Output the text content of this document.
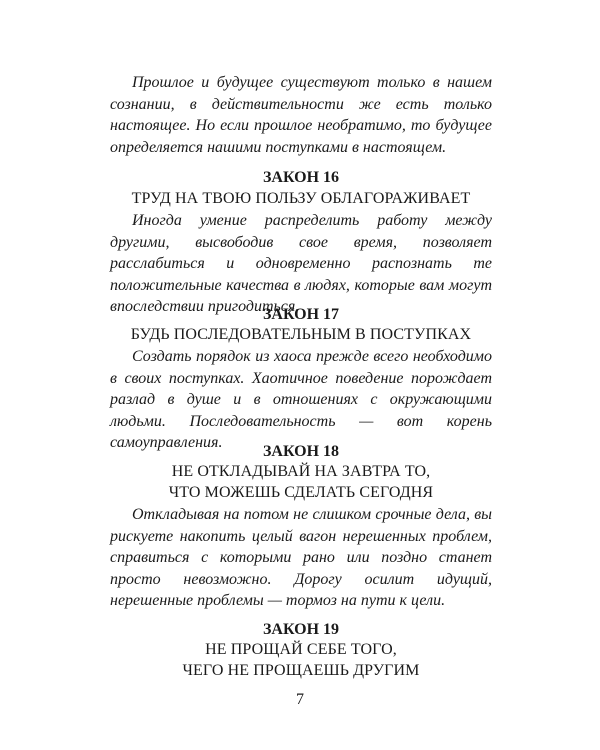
Прошлое и будущее существуют только в нашем сознании, в действительности же есть только настоящее. Но если прошлое необратимо, то будущее определяется нашими поступками в настоящем.

ЗАКОН 16

ТРУД НА ТВОЮ ПОЛЬЗУ ОБЛАГОРАЖИВАЕТ

Иногда умение распределить работу между другими, высвободив свое время, позволяет расслабиться и одновременно распознать те положительные качества в людях, которые вам могут впоследствии пригодиться.

ЗАКОН 17

БУДЬ ПОСЛЕДОВАТЕЛЬНЫМ В ПОСТУПКАХ

Создать порядок из хаоса прежде всего необходимо в своих поступках. Хаотичное поведение порождает разлад в душе и в отношениях с окружающими людьми. Последовательность — вот корень самоуправления.

ЗАКОН 18

НЕ ОТКЛАДЫВАЙ НА ЗАВТРА ТО,

ЧТО МОЖЕШЬ СДЕЛАТЬ СЕГОДНЯ

Откладывая на потом не слишком срочные дела, вы рискуете накопить целый вагон нерешенных проблем, справиться с которыми рано или поздно станет просто невозможно. Дорогу осилит идущий, нерешенные проблемы — тормоз на пути к цели.

ЗАКОН 19

НЕ ПРОЩАЙ СЕБЕ ТОГО,

ЧЕГО НЕ ПРОЩАЕШЬ ДРУГИМ

7
